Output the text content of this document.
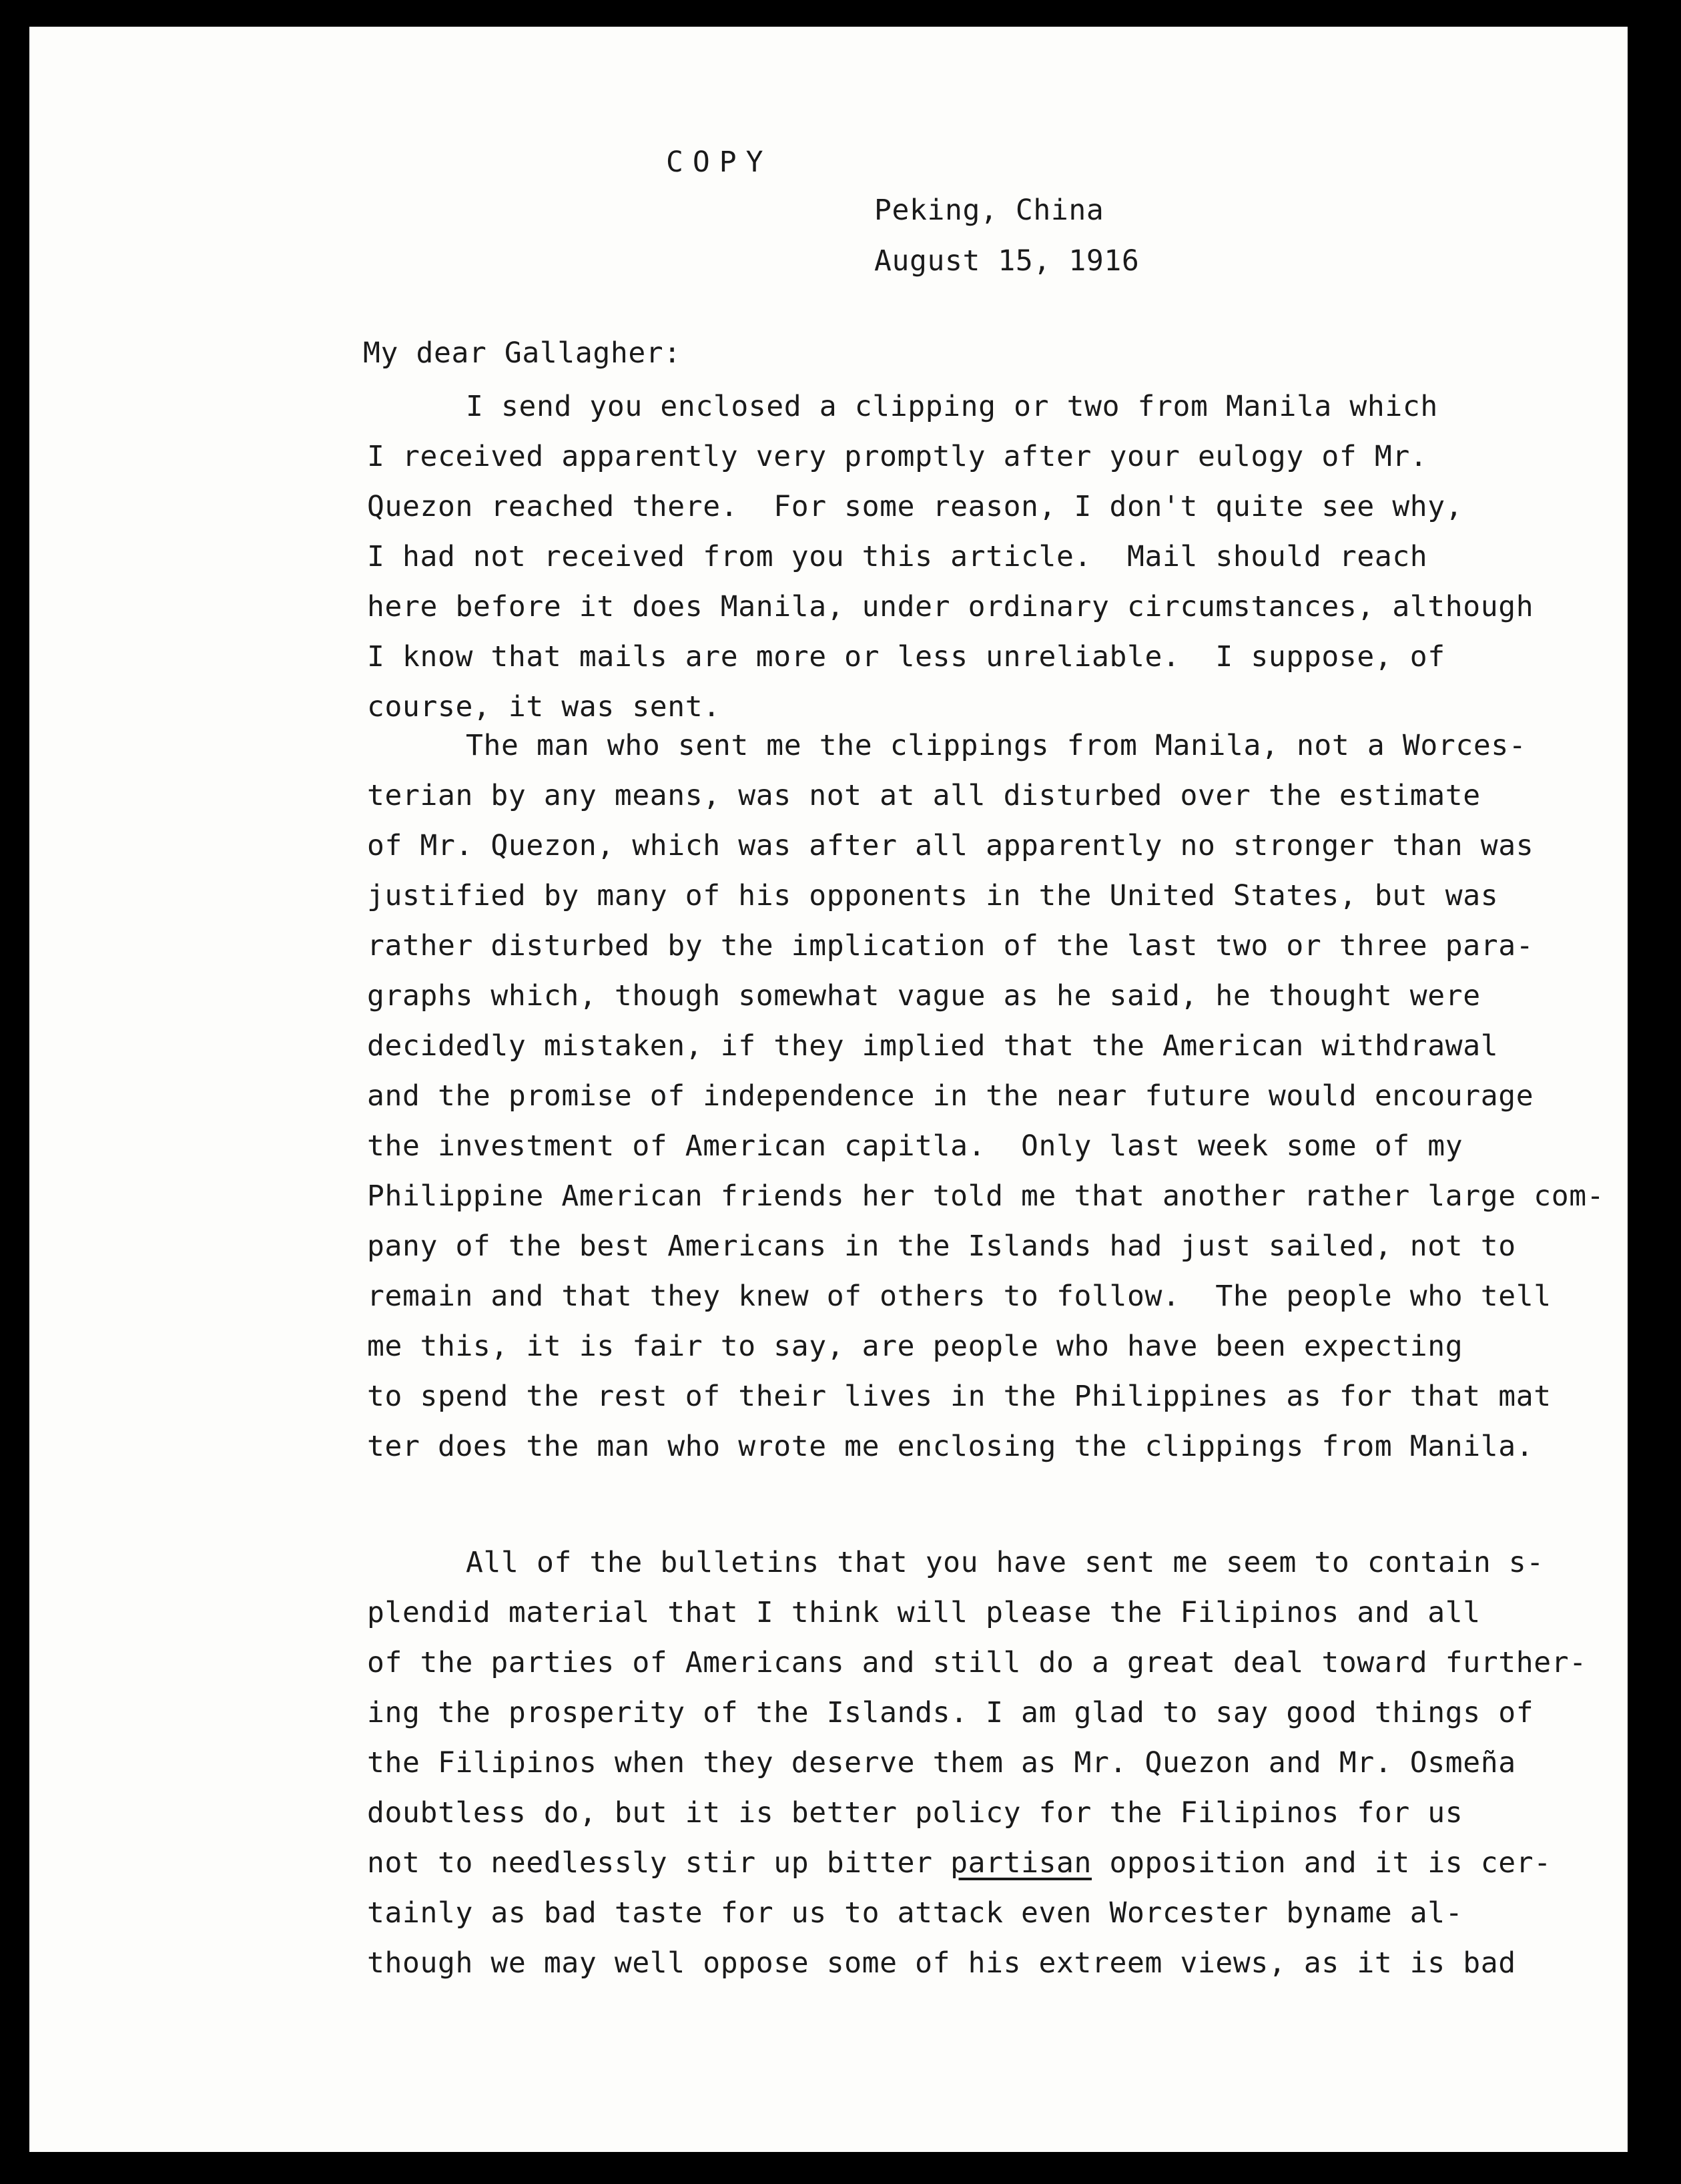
COPY
Peking, China
August 15, 1916
My dear Gallagher:

I send you enclosed a clipping or two from Manila which
I received apparently very promptly after your eulogy of Mr.
Quezon reached there.  For some reason, I don't quite see why,
I had not received from you this article.  Mail should reach
here before it does Manila, under ordinary circumstances, although
I know that mails are more or less unreliable.  I suppose, of
course, it was sent.

The man who sent me the clippings from Manila, not a Worces-
terian by any means, was not at all disturbed over the estimate
of Mr. Quezon, which was after all apparently no stronger than was
justified by many of his opponents in the United States, but was
rather disturbed by the implication of the last two or three para-
graphs which, though somewhat vague as he said, he thought were
decidedly mistaken, if they implied that the American withdrawal
and the promise of independence in the near future would encourage
the investment of American capitla.  Only last week some of my
Philippine American friends her told me that another rather large com-
pany of the best Americans in the Islands had just sailed, not to
remain and that they knew of others to follow.  The people who tell
me this, it is fair to say, are people who have been expecting
to spend the rest of their lives in the Philippines as for that mat
ter does the man who wrote me enclosing the clippings from Manila.

All of the bulletins that you have sent me seem to contain s-
plendid material that I think will please the Filipinos and all
of the parties of Americans and still do a great deal toward further-
ing the prosperity of the Islands. I am glad to say good things of
the Filipinos when they deserve them as Mr. Quezon and Mr. Osmeña
doubtless do, but it is better policy for the Filipinos for us
not to needlessly stir up bitter partisan opposition and it is cer-
tainly as bad taste for us to attack even Worcester byname al-
though we may well oppose some of his extreem views, as it is bad
